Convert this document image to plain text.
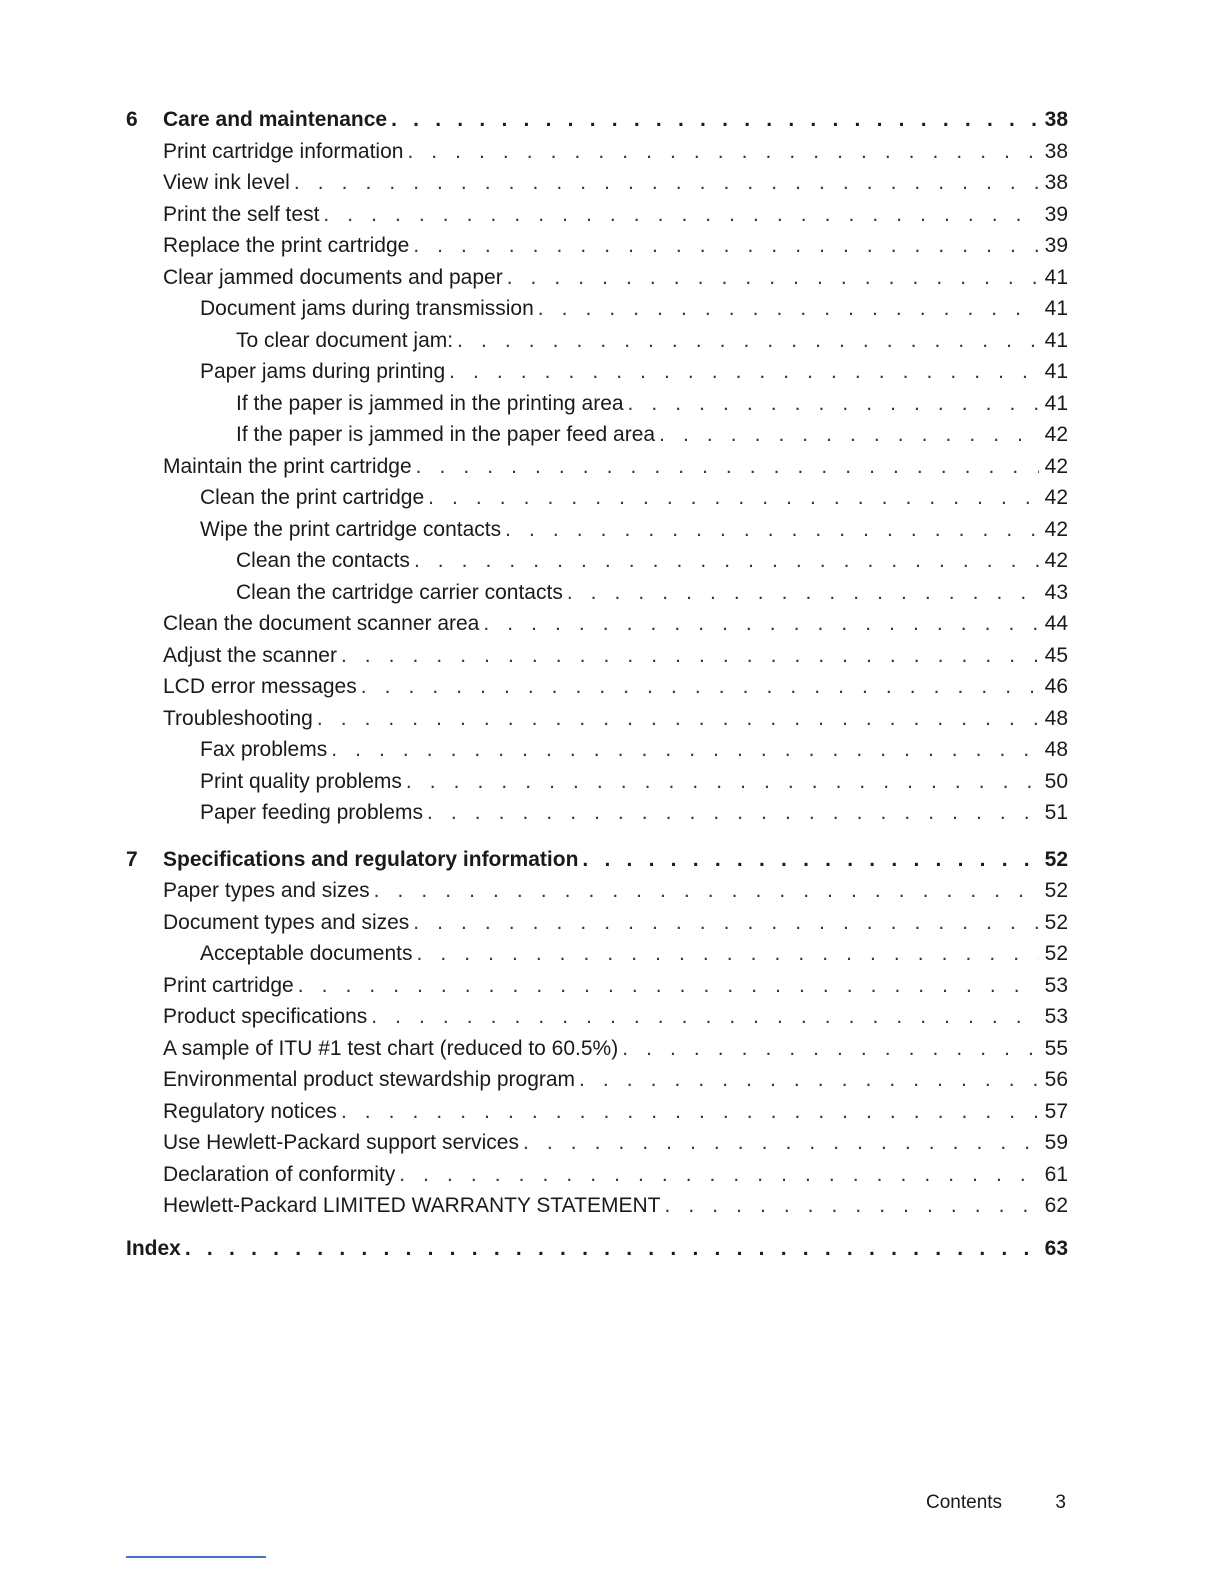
6	Care and maintenance . . .	38
Print cartridge information . . .	38
View ink level . . .	38
Print the self test . . .	39
Replace the print cartridge . . .	39
Clear jammed documents and paper . . .	41
Document jams during transmission . . .	41
To clear document jam: . . .	41
Paper jams during printing . . .	41
If the paper is jammed in the printing area . . .	41
If the paper is jammed in the paper feed area . . .	42
Maintain the print cartridge . . .	42
Clean the print cartridge . . .	42
Wipe the print cartridge contacts . . .	42
Clean the contacts . . .	42
Clean the cartridge carrier contacts . . .	43
Clean the document scanner area . . .	44
Adjust the scanner . . .	45
LCD error messages . . .	46
Troubleshooting . . .	48
Fax problems . . .	48
Print quality problems . . .	50
Paper feeding problems . . .	51
7	Specifications and regulatory information . . .	52
Paper types and sizes . . .	52
Document types and sizes . . .	52
Acceptable documents . . .	52
Print cartridge . . .	53
Product specifications . . .	53
A sample of ITU #1 test chart (reduced to 60.5%) . . .	55
Environmental product stewardship program . . .	56
Regulatory notices . . .	57
Use Hewlett-Packard support services . . .	59
Declaration of conformity . . .	61
Hewlett-Packard LIMITED WARRANTY STATEMENT . . .	62
Index . . .	63
Contents	3
